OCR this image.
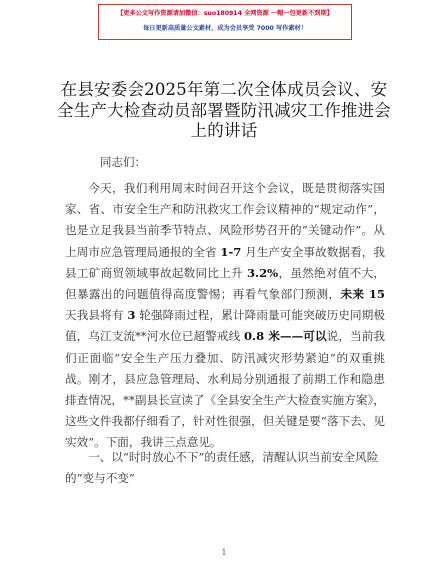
【更多公文写作资源请加微信：suo180914 全网资源 一帽一包更新不到期】
每日更新高质量公文素材，成为会员享受 7000 写作素材！
在县安委会2025年第二次全体成员会议、安全生产大检查动员部署暨防汛减灾工作推进会上的讲话
同志们：
今天，我们利用周末时间召开这个会议，既是贯彻落实国家、省、市安全生产和防汛救灾工作会议精神的“规定动作”，也是立足我县当前季节特点、风险形势召开的“关键动作”。从上周市应急管理局通报的全省 1-7 月生产安全事故数据看，我县工矿商贸领域事故起数同比上升 3.2%，虽然绝对值不大，但暴露出的问题值得高度警惕；再看气象部门预测，未来 15 天我县将有 3 轮强降雨过程，累计降雨量可能突破历史同期极值，乌江支流**河水位已超警戒线 0.8 米——可以说，当前我们正面临“安全生产压力叠加、防汛减灾形势紧迫”的双重挑战。刚才，县应急管理局、水利局分别通报了前期工作和隐患排查情况，**副县长宣读了《全县安全生产大检查实施方案》，这些文件我都仔细看了，针对性很强，但关键是要“落下去、见实效”。下面，我讲三点意见。
一、以“时时放心不下”的责任感，清醒认识当前安全风险的“变与不变”
1
